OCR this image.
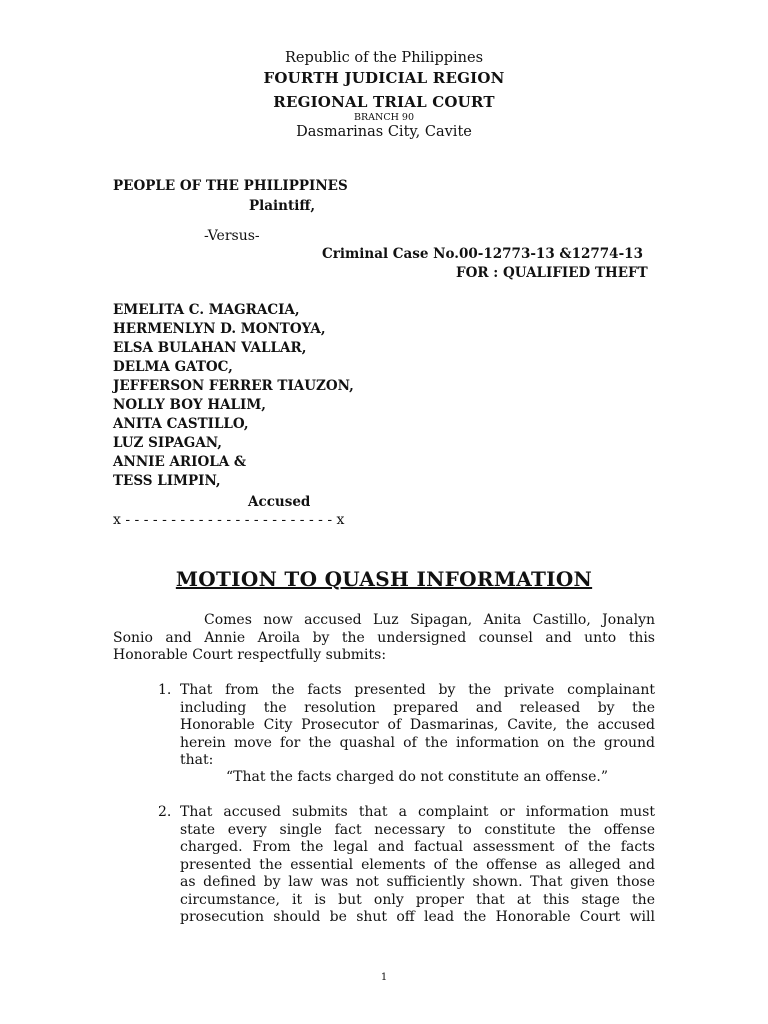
Republic of the Philippines
FOURTH JUDICIAL REGION
REGIONAL TRIAL COURT
BRANCH 90
Dasmarinas City, Cavite
PEOPLE OF THE PHILIPPINES
Plaintiff,
-Versus-
Criminal Case No.00-12773-13 &12774-13
FOR : QUALIFIED THEFT
EMELITA C. MAGRACIA,
HERMENLYN D. MONTOYA,
ELSA BULAHAN VALLAR,
DELMA GATOC,
JEFFERSON FERRER TIAUZON,
NOLLY BOY HALIM,
ANITA CASTILLO,
LUZ SIPAGAN,
ANNIE ARIOLA &
TESS LIMPIN,
Accused
x - - - - - - - - - - - - - - - - - - - - - - - x
MOTION TO QUASH INFORMATION
Comes now accused Luz Sipagan, Anita Castillo, Jonalyn
Sonio and Annie Aroila by the undersigned counsel and unto this
Honorable Court respectfully submits:
1. That from the facts presented by the private complainant
including the resolution prepared and released by the
Honorable City Prosecutor of Dasmarinas, Cavite, the accused
herein move for the quashal of the information on the ground
that:
“That the facts charged do not constitute an offense.”
2. That accused submits that a complaint or information must
state every single fact necessary to constitute the offense
charged. From the legal and factual assessment of the facts
presented the essential elements of the offense as alleged and
as defined by law was not sufficiently shown. That given those
circumstance, it is but only proper that at this stage the
prosecution should be shut off lead the Honorable Court will
1
